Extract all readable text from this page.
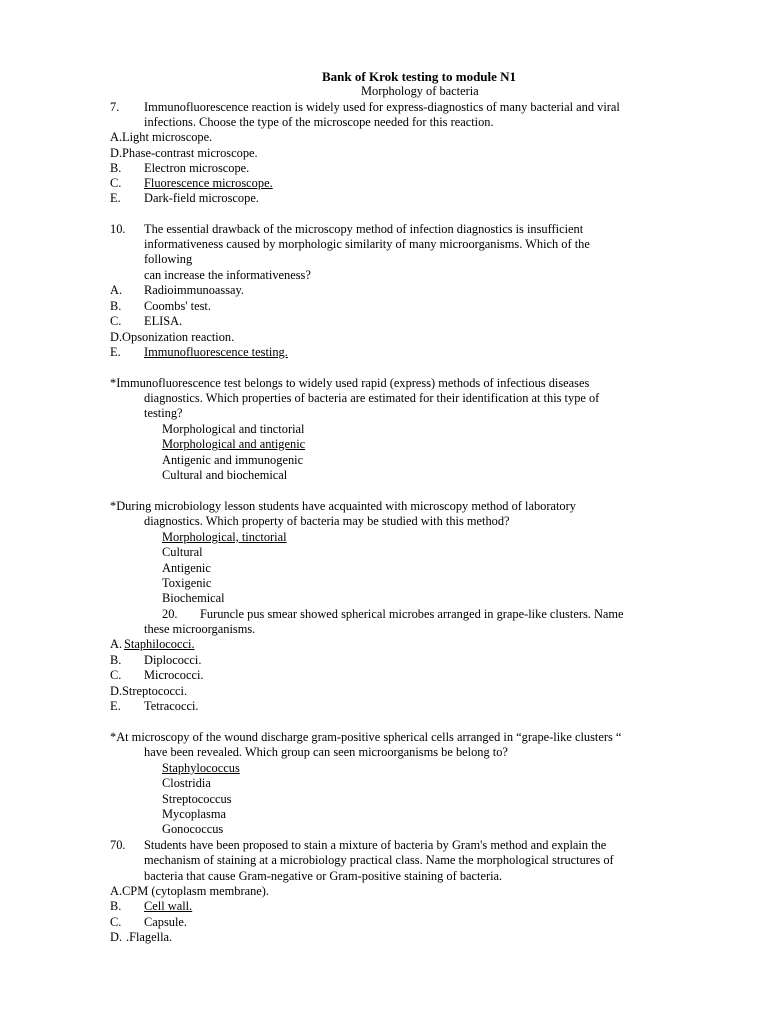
Bank of Krok testing to module N1
Morphology of bacteria
7. Immunofluorescence reaction is widely used for express-diagnostics of many bacterial and viral
infections. Choose the type of the microscope needed for this reaction.
A.Light microscope.
D.Phase-contrast microscope.
B. Electron microscope.
C. Fluorescence microscope.
E. Dark-field microscope.
10. The essential drawback of the microscopy method of infection diagnostics is insufficient
informativeness caused by morphologic similarity of many microorganisms. Which of the
following
can increase the informativeness?
A. Radioimmunoassay.
B. Coombs' test.
C. ELISA.
D.Opsonization reaction.
E. Immunofluorescence testing.
*Immunofluorescence test belongs to widely used rapid (express) methods of infectious diseases
diagnostics. Which properties of bacteria are estimated for their identification at this type of
testing?
Morphological and tinctorial
Morphological and antigenic
Antigenic and immunogenic
Cultural and biochemical
*During microbiology lesson students have acquainted with microscopy method of laboratory
diagnostics. Which property of bacteria may be studied with this method?
Morphological, tinctorial
Cultural
Antigenic
Toxigenic
Biochemical
20. Furuncle pus smear showed spherical microbes arranged in grape-like clusters. Name
these microorganisms.
A. Staphilococci.
B. Diplococci.
C. Micrococci.
D.Streptococci.
E. Tetracocci.
*At microscopy of the wound discharge gram-positive spherical cells arranged in “grape-like clusters “
have been revealed. Which group can seen microorganisms be belong to?
Staphylococcus
Clostridia
Streptococcus
Mycoplasma
Gonococcus
70. Students have been proposed to stain a mixture of bacteria by Gram's method and explain the
mechanism of staining at a microbiology practical class. Name the morphological structures of
bacteria that cause Gram-negative or Gram-positive staining of bacteria.
A.CPM (cytoplasm membrane).
B. Cell wall.
C. Capsule.
D. .Flagella.
